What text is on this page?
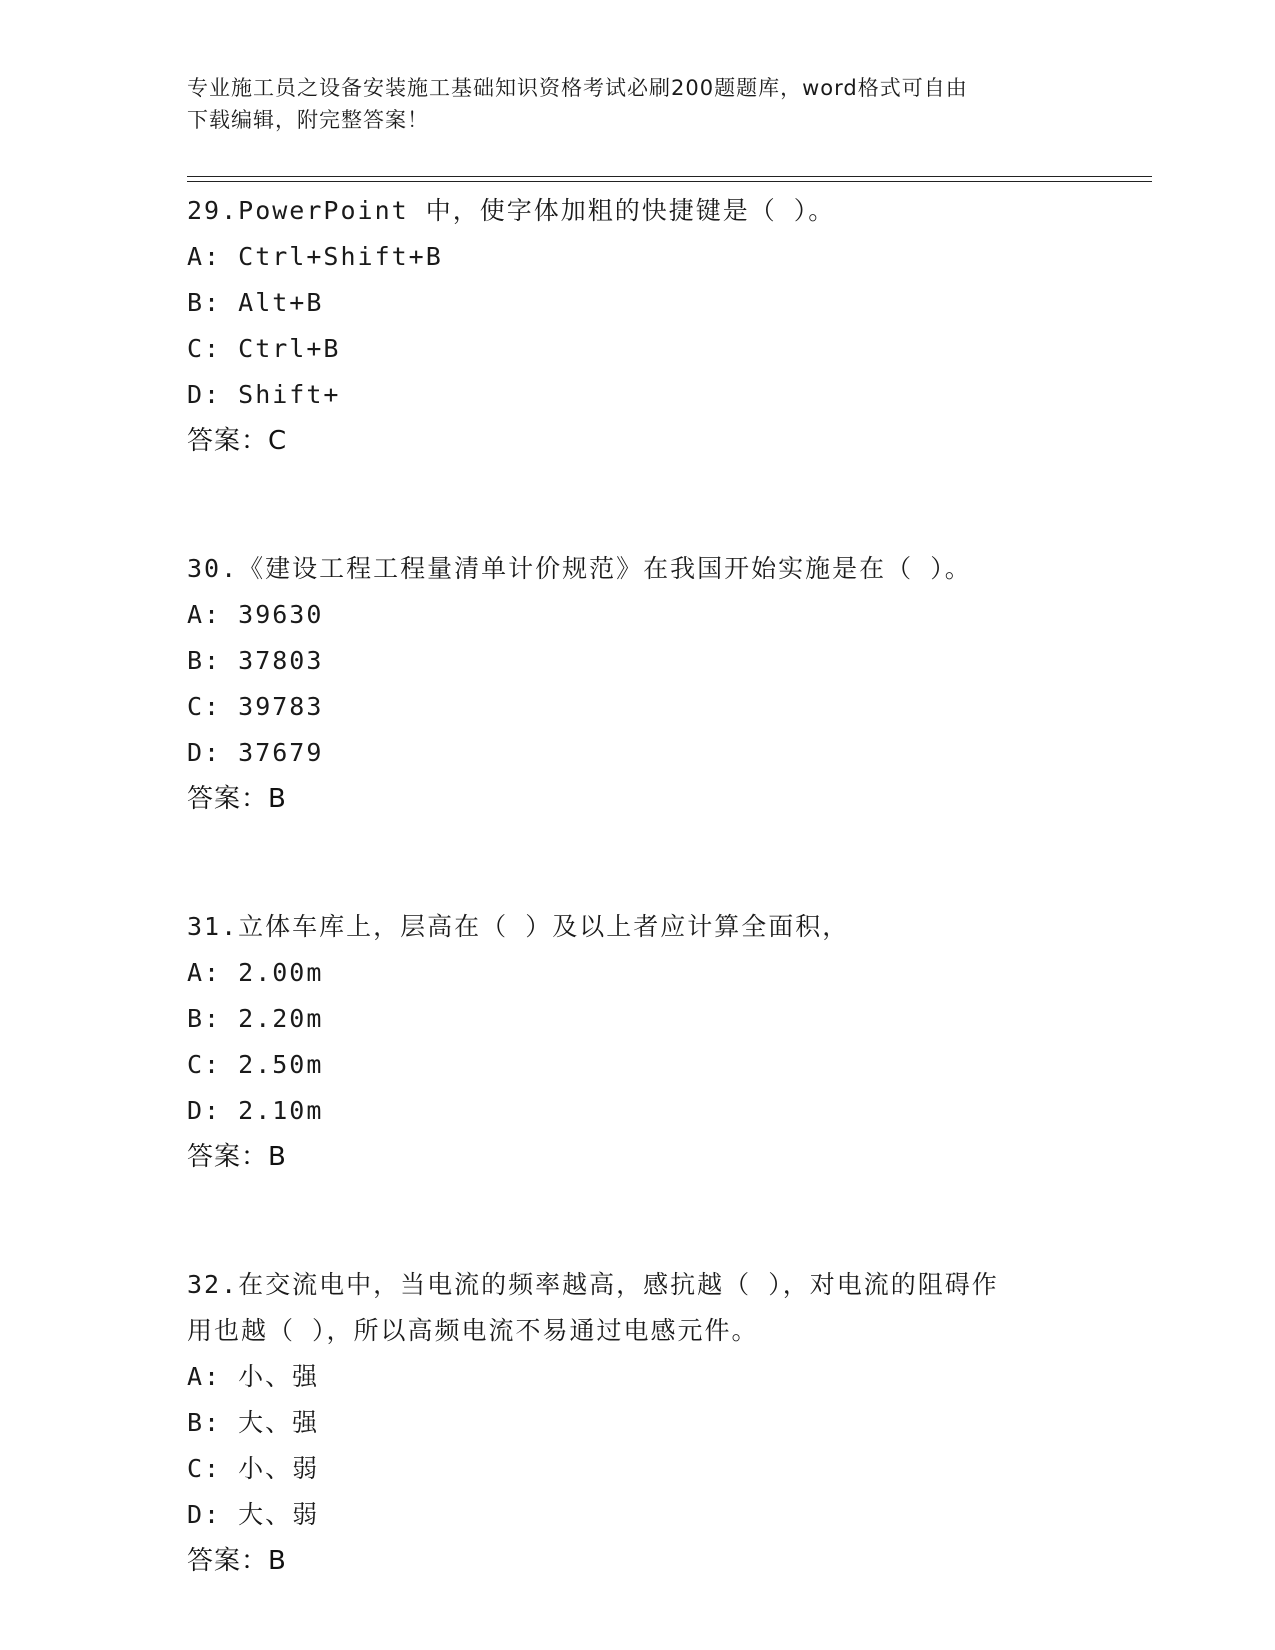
专业施工员之设备安装施工基础知识资格考试必刷200题题库，word格式可自由
下载编辑，附完整答案！
29.PowerPoint 中，使字体加粗的快捷键是（ ）。
A: Ctrl+Shift+B
B: Alt+B
C: Ctrl+B
D: Shift+
答案：C
30.《建设工程工程量清单计价规范》在我国开始实施是在（ ）。
A: 39630
B: 37803
C: 39783
D: 37679
答案：B
31.立体车库上，层高在（ ）及以上者应计算全面积，
A: 2.00m
B: 2.20m
C: 2.50m
D: 2.10m
答案：B
32.在交流电中，当电流的频率越高，感抗越（ ），对电流的阻碍作
用也越（ ），所以高频电流不易通过电感元件。
A: 小、强
B: 大、强
C: 小、弱
D: 大、弱
答案：B
